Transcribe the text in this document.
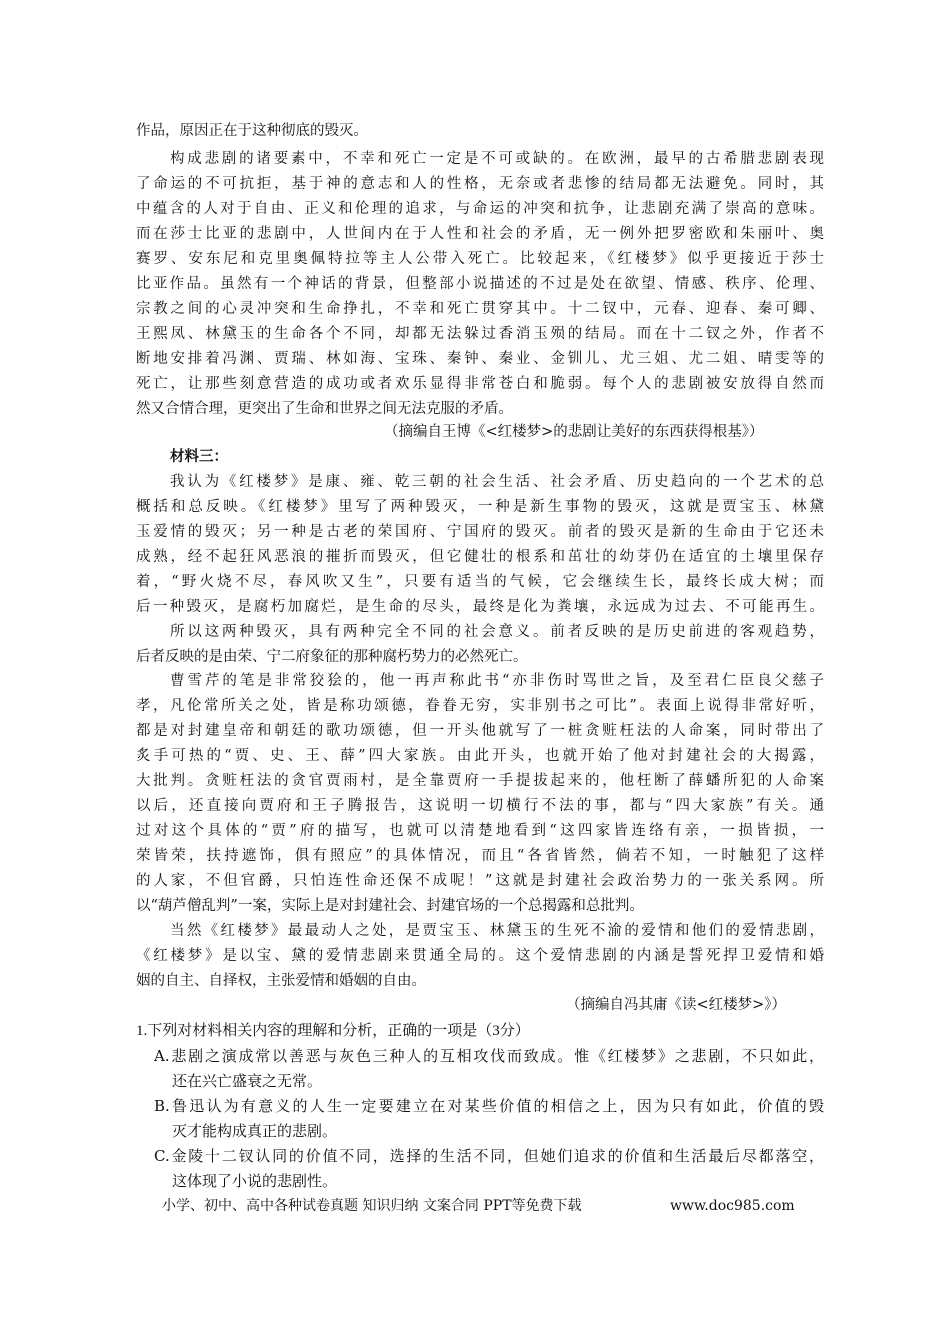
作品，原因正在于这种彻底的毁灭。
构成悲剧的诸要素中，不幸和死亡一定是不可或缺的。在欧洲，最早的古希腊悲剧表现
了命运的不可抗拒，基于神的意志和人的性格，无奈或者悲惨的结局都无法避免。同时，其
中蕴含的人对于自由、正义和伦理的追求，与命运的冲突和抗争，让悲剧充满了崇高的意味。
而在莎士比亚的悲剧中，人世间内在于人性和社会的矛盾，无一例外把罗密欧和朱丽叶、奥
赛罗、安东尼和克里奥佩特拉等主人公带入死亡。比较起来，《红楼梦》似乎更接近于莎士
比亚作品。虽然有一个神话的背景，但整部小说描述的不过是处在欲望、情感、秩序、伦理、
宗教之间的心灵冲突和生命挣扎，不幸和死亡贯穿其中。十二钗中，元春、迎春、秦可卿、
王熙凤、林黛玉的生命各个不同，却都无法躲过香消玉殒的结局。而在十二钗之外，作者不
断地安排着冯渊、贾瑞、林如海、宝珠、秦钟、秦业、金钏儿、尤三姐、尤二姐、晴雯等的
死亡，让那些刻意营造的成功或者欢乐显得非常苍白和脆弱。每个人的悲剧被安放得自然而
然又合情合理，更突出了生命和世界之间无法克服的矛盾。
（摘编自王博《<红楼梦>的悲剧让美好的东西获得根基》）
材料三：
我认为《红楼梦》是康、雍、乾三朝的社会生活、社会矛盾、历史趋向的一个艺术的总
概括和总反映。《红楼梦》里写了两种毁灭，一种是新生事物的毁灭，这就是贾宝玉、林黛
玉爱情的毁灭；另一种是古老的荣国府、宁国府的毁灭。前者的毁灭是新的生命由于它还未
成熟，经不起狂风恶浪的摧折而毁灭，但它健壮的根系和茁壮的幼芽仍在适宜的土壤里保存
着，“野火烧不尽，春风吹又生”，只要有适当的气候，它会继续生长，最终长成大树；而
后一种毁灭，是腐朽加腐烂，是生命的尽头，最终是化为粪壤，永远成为过去、不可能再生。
所以这两种毁灭，具有两种完全不同的社会意义。前者反映的是历史前进的客观趋势，
后者反映的是由荣、宁二府象征的那种腐朽势力的必然死亡。
曹雪芹的笔是非常狡狯的，他一再声称此书“亦非伤时骂世之旨，及至君仁臣良父慈子
孝，凡伦常所关之处，皆是称功颂德，眷眷无穷，实非别书之可比”。表面上说得非常好听，
都是对封建皇帝和朝廷的歌功颂德，但一开头他就写了一桩贪赃枉法的人命案，同时带出了
炙手可热的“贾、史、王、薛”四大家族。由此开头，也就开始了他对封建社会的大揭露，
大批判。贪赃枉法的贪官贾雨村，是全靠贾府一手提拔起来的，他枉断了薛蟠所犯的人命案
以后，还直接向贾府和王子腾报告，这说明一切横行不法的事，都与“四大家族”有关。通
过对这个具体的“贾”府的描写，也就可以清楚地看到“这四家皆连络有亲，一损皆损，一
荣皆荣，扶持遮饰，俱有照应”的具体情况，而且“各省皆然，倘若不知，一时触犯了这样
的人家，不但官爵，只怕连性命还保不成呢！”这就是封建社会政治势力的一张关系网。所
以“葫芦僧乱判”一案，实际上是对封建社会、封建官场的一个总揭露和总批判。
当然《红楼梦》最最动人之处，是贾宝玉、林黛玉的生死不渝的爱情和他们的爱情悲剧，
《红楼梦》是以宝、黛的爱情悲剧来贯通全局的。这个爱情悲剧的内涵是誓死捍卫爱情和婚
姻的自主、自择权，主张爱情和婚姻的自由。
（摘编自冯其庸《读<红楼梦>》）
1.下列对材料相关内容的理解和分析，正确的一项是（3分）
A.悲剧之演成常以善恶与灰色三种人的互相攻伐而致成。惟《红楼梦》之悲剧，不只如此，
还在兴亡盛衰之无常。
B.鲁迅认为有意义的人生一定要建立在对某些价值的相信之上，因为只有如此，价值的毁
灭才能构成真正的悲剧。
C.金陵十二钗认同的价值不同，选择的生活不同，但她们追求的价值和生活最后尽都落空，
这体现了小说的悲剧性。
小学、初中、高中各种试卷真题 知识归纳 文案合同 PPT等免费下载	www.doc985.com
